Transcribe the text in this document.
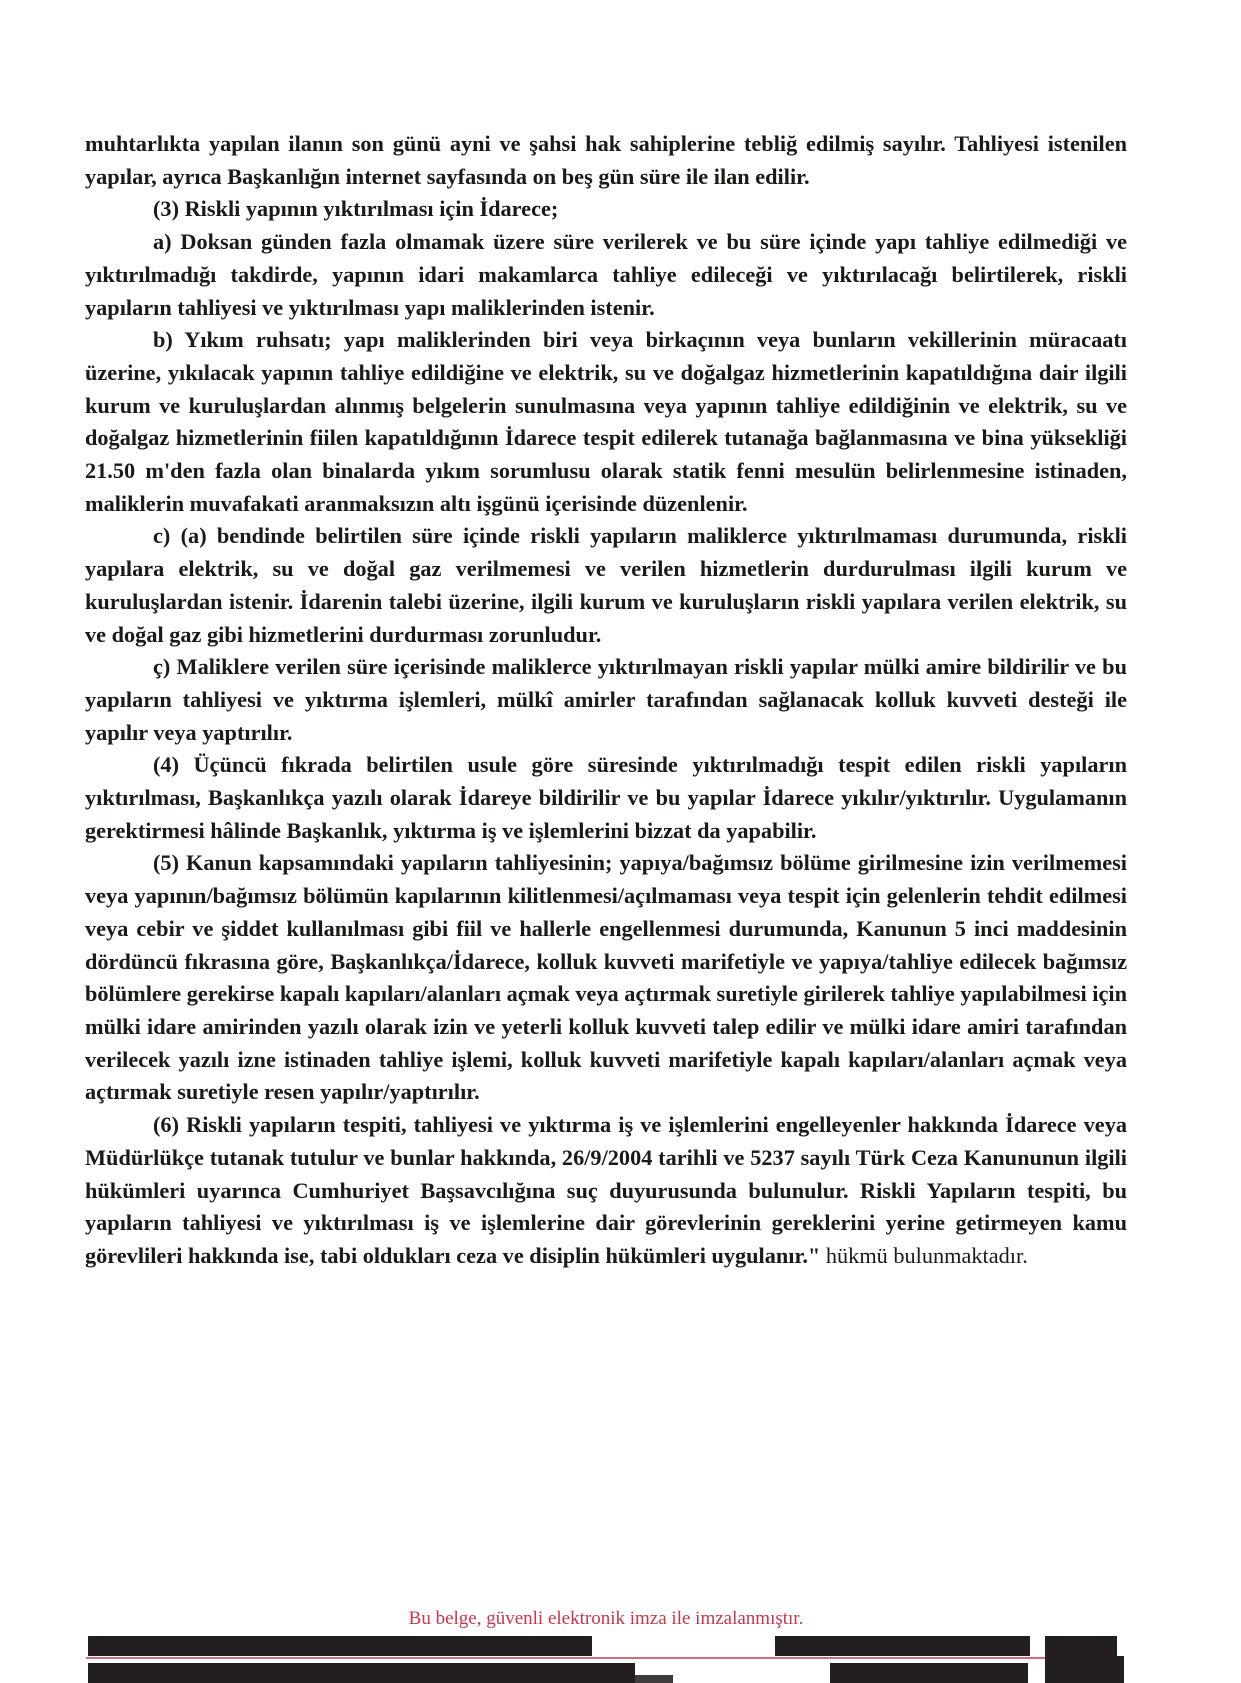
muhtarlıkta yapılan ilanın son günü ayni ve şahsi hak sahiplerine tebliğ edilmiş sayılır. Tahliyesi istenilen yapılar, ayrıca Başkanlığın internet sayfasında on beş gün süre ile ilan edilir.

(3) Riskli yapının yıktırılması için İdarece;

a) Doksan günden fazla olmamak üzere süre verilerek ve bu süre içinde yapı tahliye edilmediği ve yıktırılmadığı takdirde, yapının idari makamlarca tahliye edileceği ve yıktırılacağı belirtilerek, riskli yapıların tahliyesi ve yıktırılması yapı maliklerinden istenir.

b) Yıkım ruhsatı; yapı maliklerinden biri veya birkaçının veya bunların vekillerinin müracaatı üzerine, yıkılacak yapının tahliye edildiğine ve elektrik, su ve doğalgaz hizmetlerinin kapatıldığına dair ilgili kurum ve kuruluşlardan alınmış belgelerin sunulmasına veya yapının tahliye edildiğinin ve elektrik, su ve doğalgaz hizmetlerinin fiilen kapatıldığının İdarece tespit edilerek tutanağa bağlanmasına ve bina yüksekliği 21.50 m'den fazla olan binalarda yıkım sorumlusu olarak statik fenni mesulün belirlenmesine istinaden, maliklerin muvafakati aranmaksızın altı işgünü içerisinde düzenlenir.

c) (a) bendinde belirtilen süre içinde riskli yapıların maliklerce yıktırılmaması durumunda, riskli yapılara elektrik, su ve doğal gaz verilmemesi ve verilen hizmetlerin durdurulması ilgili kurum ve kuruluşlardan istenir. İdarenin talebi üzerine, ilgili kurum ve kuruluşların riskli yapılara verilen elektrik, su ve doğal gaz gibi hizmetlerini durdurması zorunludur.

ç) Maliklere verilen süre içerisinde maliklerce yıktırılmayan riskli yapılar mülki amire bildirilir ve bu yapıların tahliyesi ve yıktırma işlemleri, mülkî amirler tarafından sağlanacak kolluk kuvveti desteği ile yapılır veya yaptırılır.

(4) Üçüncü fıkrada belirtilen usule göre süresinde yıktırılmadığı tespit edilen riskli yapıların yıktırılması, Başkanlıkça yazılı olarak İdareye bildirilir ve bu yapılar İdarece yıkılır/yıktırılır. Uygulamanın gerektirmesi hâlinde Başkanlık, yıktırma iş ve işlemlerini bizzat da yapabilir.

(5) Kanun kapsamındaki yapıların tahliyesinin; yapıya/bağımsız bölüme girilmesine izin verilmemesi veya yapının/bağımsız bölümün kapılarının kilitlenmesi/açılmaması veya tespit için gelenlerin tehdit edilmesi veya cebir ve şiddet kullanılması gibi fiil ve hallerle engellenmesi durumunda, Kanunun 5 inci maddesinin dördüncü fıkrasına göre, Başkanlıkça/İdarece, kolluk kuvveti marifetiyle ve yapıya/tahliye edilecek bağımsız bölümlere gerekirse kapalı kapıları/alanları açmak veya açtırmak suretiyle girilerek tahliye yapılabilmesi için mülki idare amirinden yazılı olarak izin ve yeterli kolluk kuvveti talep edilir ve mülki idare amiri tarafından verilecek yazılı izne istinaden tahliye işlemi, kolluk kuvveti marifetiyle kapalı kapıları/alanları açmak veya açtırmak suretiyle resen yapılır/yaptırılır.

(6) Riskli yapıların tespiti, tahliyesi ve yıktırma iş ve işlemlerini engelleyenler hakkında İdarece veya Müdürlükçe tutanak tutulur ve bunlar hakkında, 26/9/2004 tarihli ve 5237 sayılı Türk Ceza Kanununun ilgili hükümleri uyarınca Cumhuriyet Başsavcılığına suç duyurusunda bulunulur. Riskli Yapıların tespiti, bu yapıların tahliyesi ve yıktırılması iş ve işlemlerine dair görevlerinin gereklerini yerine getirmeyen kamu görevlileri hakkında ise, tabi oldukları ceza ve disiplin hükümleri uygulanır." hükmü bulunmaktadır.

Bu belge, güvenli elektronik imza ile imzalanmıştır.
